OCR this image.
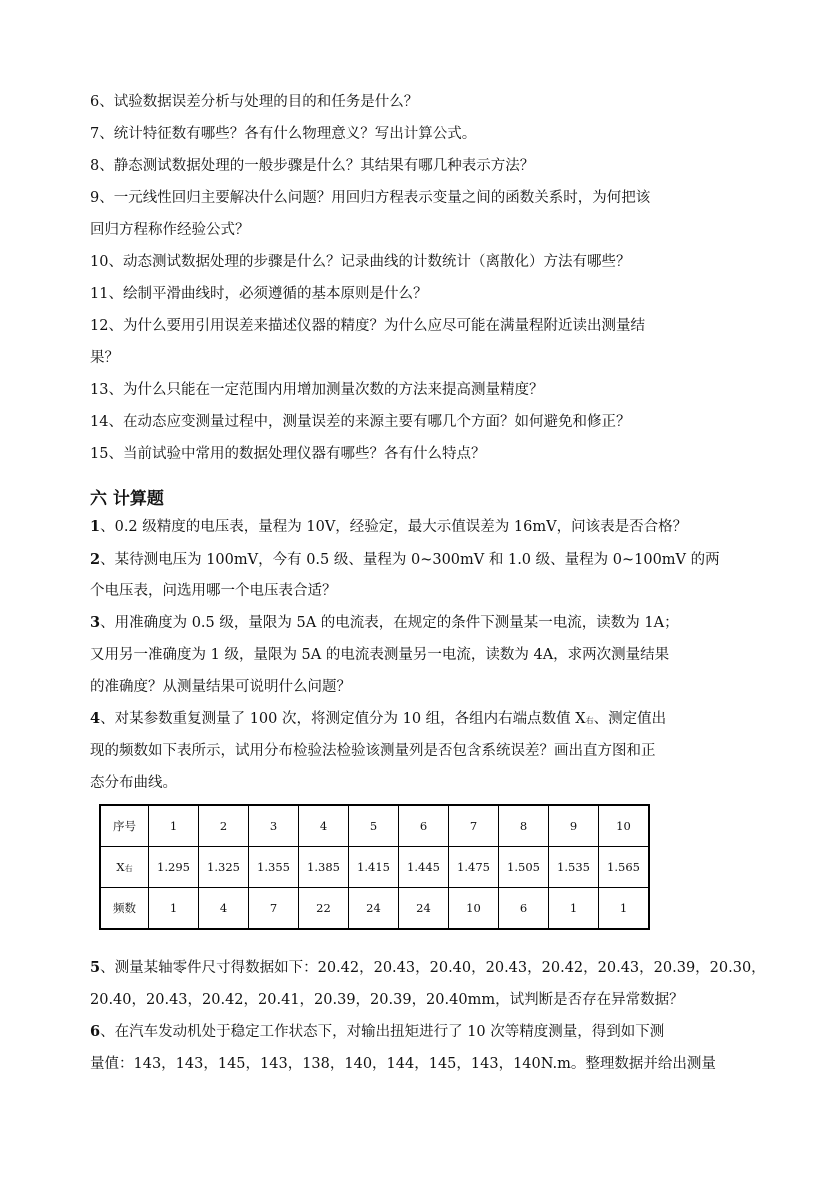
6、试验数据误差分析与处理的目的和任务是什么？
7、统计特征数有哪些？各有什么物理意义？写出计算公式。
8、静态测试数据处理的一般步骤是什么？其结果有哪几种表示方法？
9、一元线性回归主要解决什么问题？用回归方程表示变量之间的函数关系时，为何把该
回归方程称作经验公式？
10、动态测试数据处理的步骤是什么？记录曲线的计数统计（离散化）方法有哪些？
11、绘制平滑曲线时，必须遵循的基本原则是什么？
12、为什么要用引用误差来描述仪器的精度？为什么应尽可能在满量程附近读出测量结
果？
13、为什么只能在一定范围内用增加测量次数的方法来提高测量精度？
14、在动态应变测量过程中，测量误差的来源主要有哪几个方面？如何避免和修正？
15、当前试验中常用的数据处理仪器有哪些？各有什么特点？
六 计算题
1、0.2 级精度的电压表，量程为 10V，经验定，最大示值误差为 16mV，问该表是否合格？
2、某待测电压为 100mV，今有 0.5 级、量程为 0~300mV 和 1.0 级、量程为 0~100mV 的两
个电压表，问选用哪一个电压表合适？
3、用准确度为 0.5 级，量限为 5A 的电流表，在规定的条件下测量某一电流，读数为 1A；
又用另一准确度为 1 级，量限为 5A 的电流表测量另一电流，读数为 4A，求两次测量结果
的准确度？从测量结果可说明什么问题？
4、对某参数重复测量了 100 次，将测定值分为 10 组，各组内右端点数值 X右、测定值出
现的频数如下表所示，试用分布检验法检验该测量列是否包含系统误差？画出直方图和正
态分布曲线。
序号	1	2	3	4	5	6	7	8	9	10
X右	1.295	1.325	1.355	1.385	1.415	1.445	1.475	1.505	1.535	1.565
频数	1	4	7	22	24	24	10	6	1	1
5、测量某轴零件尺寸得数据如下：20.42，20.43，20.40，20.43，20.42，20.43，20.39，20.30，
20.40，20.43，20.42，20.41，20.39，20.39，20.40mm，试判断是否存在异常数据？
6、在汽车发动机处于稳定工作状态下，对输出扭矩进行了 10 次等精度测量，得到如下测
量值：143，143，145，143，138，140，144，145，143，140N.m。整理数据并给出测量
